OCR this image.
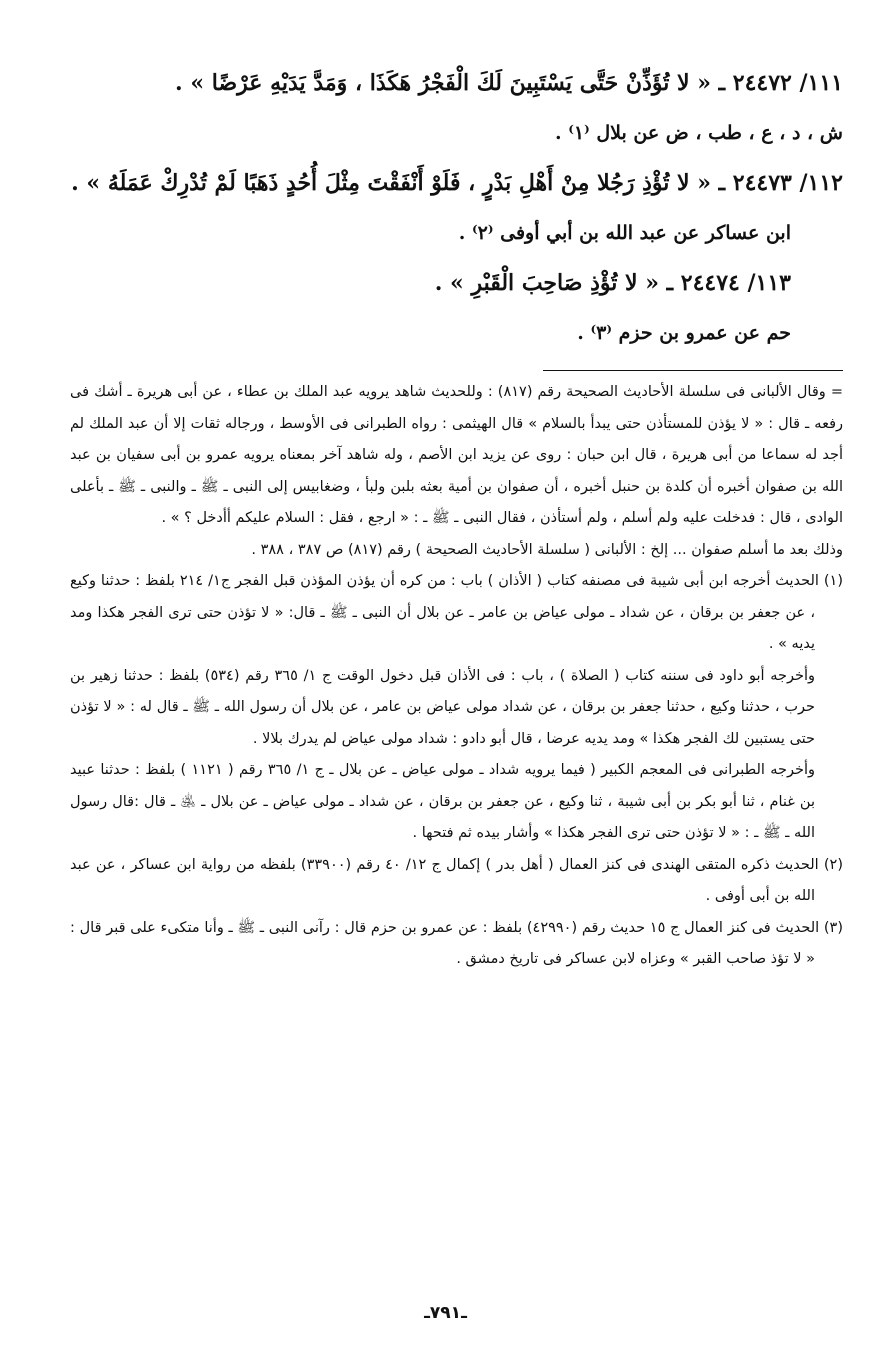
١١١/ ٢٤٤٧٢ ـ « لا تُؤَذِّنْ حَتَّى يَسْتَبِينَ لَكَ الْفَجْرُ هَكَذَا ، وَمَدَّ يَدَيْهِ عَرْضًا » .

ش ، د ، ع ، طب ، ض عن بلال ⁽١⁾ .

١١٢/ ٢٤٤٧٣ ـ « لا تُؤْذِ رَجُلا مِنْ أَهْلِ بَدْرٍ ، فَلَوْ أَنْفَقْتَ مِثْلَ أُحُدٍ ذَهَبًا لَمْ تُدْرِكْ عَمَلَهُ » .

ابن عساكر عن عبد الله بن أبي أوفى ⁽٢⁾ .

١١٣/ ٢٤٤٧٤ ـ « لا تُؤْذِ صَاحِبَ الْقَبْرِ » .

حم عن عمرو بن حزم ⁽٣⁾ .

= وقال الألبانى فى سلسلة الأحاديث الصحيحة رقم (٨١٧) : وللحديث شاهد يرويه عبد الملك بن عطاء ، عن أبى هريرة ـ أشك فى رفعه ـ قال : « لا يؤذن للمستأذن حتى يبدأ بالسلام » قال الهيثمى : رواه الطبرانى فى الأوسط ، ورجاله ثقات إلا أن عبد الملك لم أجد له سماعا من أبى هريرة ، قال ابن حبان : روى عن يزيد ابن الأصم ، وله شاهد آخر بمعناه يرويه عمرو بن أبى سفيان بن عبد الله بن صفوان أخبره أن كلدة بن حنبل أخبره ، أن صفوان بن أمية بعثه بلبن ولبأ ، وضغابيس إلى النبى ـ ﷺ ـ والنبى ـ ﷺ ـ بأعلى الوادى ، قال : فدخلت عليه ولم أسلم ، ولم أستأذن ، فقال النبى ـ ﷺ ـ : « ارجع ، فقل : السلام عليكم أأدخل ؟ » .

وذلك بعد ما أسلم صفوان ... إلخ : الألبانى ( سلسلة الأحاديث الصحيحة ) رقم (٨١٧) ص ٣٨٧ ، ٣٨٨ .

(١) الحديث أخرجه ابن أبى شيبة فى مصنفه كتاب ( الأذان ) باب : من كره أن يؤذن المؤذن قبل الفجر ج١/ ٢١٤ بلفظ : حدثنا وكيع ، عن جعفر بن برقان ، عن شداد ـ مولى عياض بن عامر ـ عن بلال أن النبى ـ ﷺ ـ قال: « لا تؤذن حتى ترى الفجر هكذا ومد يديه » .

وأخرجه أبو داود فى سننه كتاب ( الصلاة ) ، باب : فى الأذان قبل دخول الوقت ج ١/ ٣٦٥ رقم (٥٣٤) بلفظ : حدثنا زهير بن حرب ، حدثنا وكيع ، حدثنا جعفر بن برقان ، عن شداد مولى عياض بن عامر ، عن بلال أن رسول الله ـ ﷺ ـ قال له : « لا تؤذن حتى يستبين لك الفجر هكذا » ومد يديه عرضا ، قال أبو دادو : شداد مولى عياض لم يدرك بلالا .

وأخرجه الطبرانى فى المعجم الكبير ( فيما يرويه شداد ـ مولى عياض ـ عن بلال ـ ج ١/ ٣٦٥ رقم ( ١١٢١ ) بلفظ : حدثنا عبيد بن غنام ، ثنا أبو بكر بن أبى شيبة ، ثنا وكيع ، عن جعفر بن برقان ، عن شداد ـ مولى عياض ـ عن بلال ـ ﵁ ـ قال :قال رسول الله ـ ﷺ ـ : « لا تؤذن حتى ترى الفجر هكذا » وأشار بيده ثم فتحها .

(٢) الحديث ذكره المتقى الهندى فى كنز العمال ( أهل بدر ) إكمال ج ١٢/ ٤٠ رقم (٣٣٩٠٠) بلفظه من رواية ابن عساكر ، عن عبد الله بن أبى أوفى .

(٣) الحديث فى كنز العمال ج ١٥ حديث رقم (٤٢٩٩٠) بلفظ : عن عمرو بن حزم قال : رآنى النبى ـ ﷺ ـ وأنا متكىء على قبر قال : « لا تؤذ صاحب القبر » وعزاه لابن عساكر فى تاريخ دمشق .

ـ٧٩١ـ
